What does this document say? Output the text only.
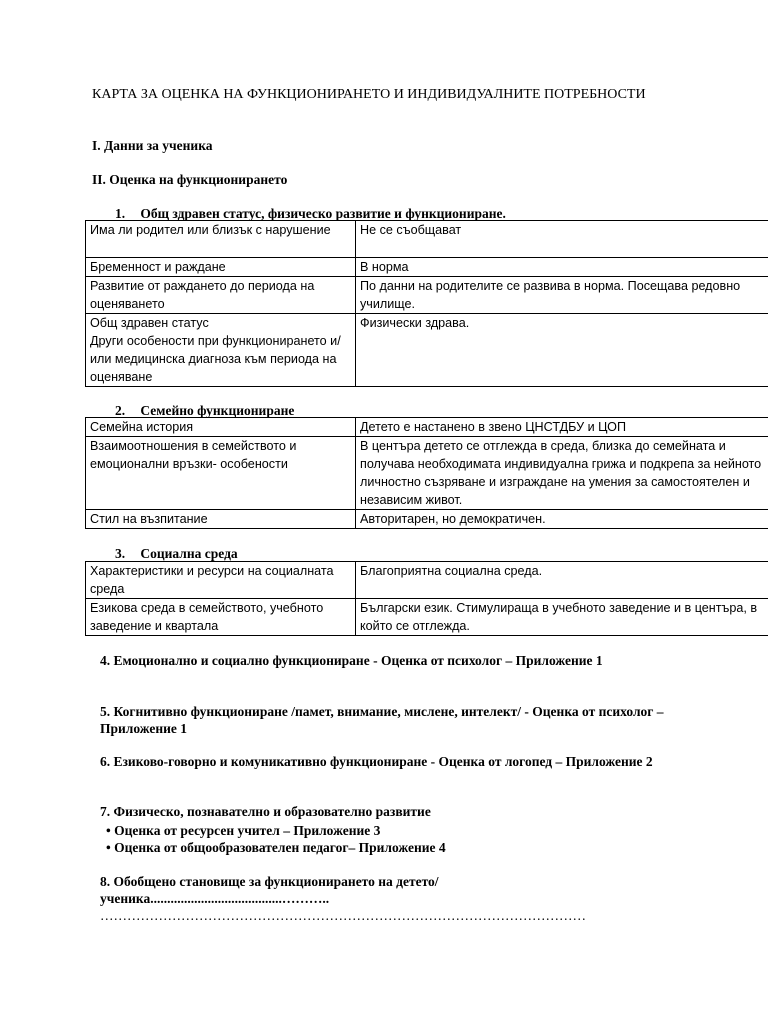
КАРТА ЗА ОЦЕНКА НА ФУНКЦИОНИРАНЕТО И ИНДИВИДУАЛНИТЕ ПОТРЕБНОСТИ
I. Данни за ученика
II. Оценка на функционирането
1. Общ здравен статус, физическо развитие и функциониране.
Има ли родител или близък с нарушение	Не се съобщават
Бременност и раждане	В норма
Развитие от раждането до периода на оценяването	По данни на родителите се развива в норма. Посещава редовно училище.
Общ здравен статус
Други особености при функционирането и/или медицинска диагноза към периода на оценяване	Физически здрава.
2. Семейно функциониране
Семейна история	Детето е настанено в звено ЦНСТДБУ и ЦОП
Взаимоотношения в семейството и емоционални връзки- особености	В центъра детето се отглежда в среда, близка до семейната и получава необходимата индивидуална грижа и подкрепа за нейното личностно съзряване и изграждане на умения за самостоятелен и независим живот.
Стил на възпитание	Авторитарен, но демократичен.
3. Социална среда
Характеристики и ресурси на социалната среда	Благоприятна социална среда.
Езикова среда в семейството, учебното заведение и квартала	Български език. Стимулираща в учебното заведение и в центъра, в който се отглежда.
4. Емоционално и социално функциониране - Оценка от психолог – Приложение 1
5. Когнитивно функциониране /памет, внимание, мислене, интелект/ - Оценка от психолог – Приложение 1
6. Езиково-говорно и комуникативно функциониране - Оценка от логопед – Приложение 2
7. Физическо, познавателно и образователно развитие
• Оценка от ресурсен учител – Приложение 3
• Оценка от общообразователен педагог– Приложение 4
8. Обобщено становище за функционирането на детето/ученика.......................................………..
………………………………………………………………………………………………
